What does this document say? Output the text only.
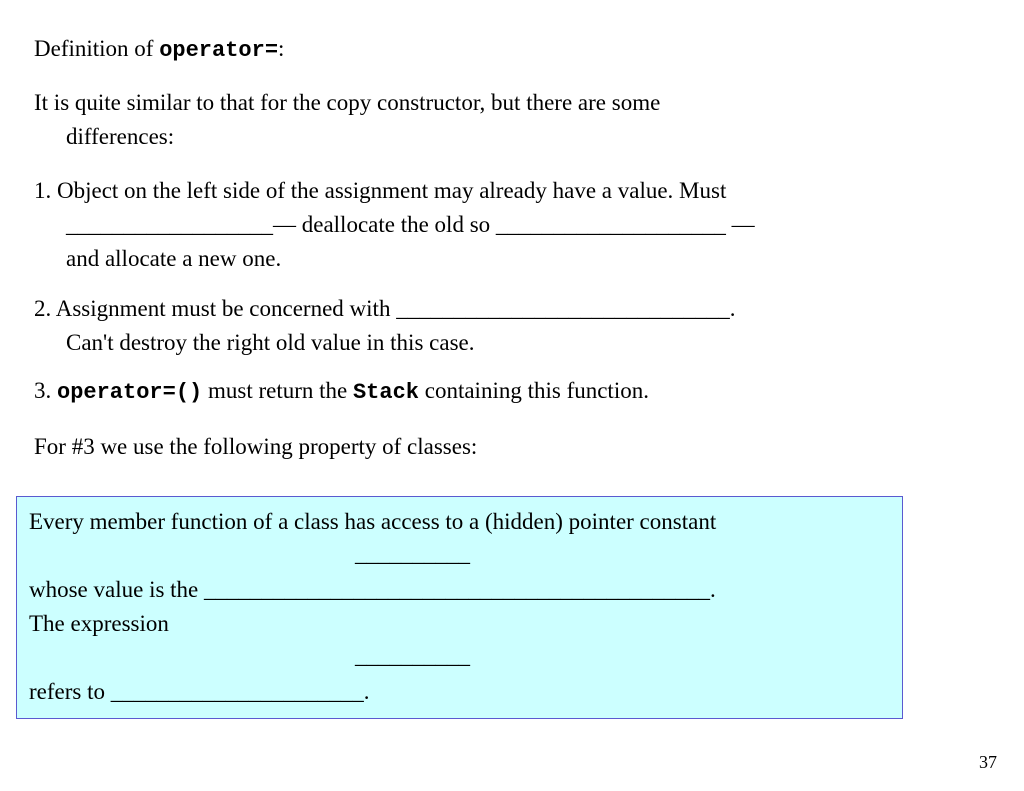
Definition of operator=:
It is quite similar to that for the copy constructor, but there are some
differences:
1. Object on the left side of the assignment may already have a value. Must
__________________— deallocate the old so ____________________ —
and allocate a new one.
2. Assignment must be concerned with _____________________________.
Can't destroy the right old value in this case.
3. operator=() must return the Stack containing this function.
For #3 we use the following property of classes:
Every member function of a class has access to a (hidden) pointer constant
__________
whose value is the ____________________________________________.
The expression
__________
refers to ______________________.
37
